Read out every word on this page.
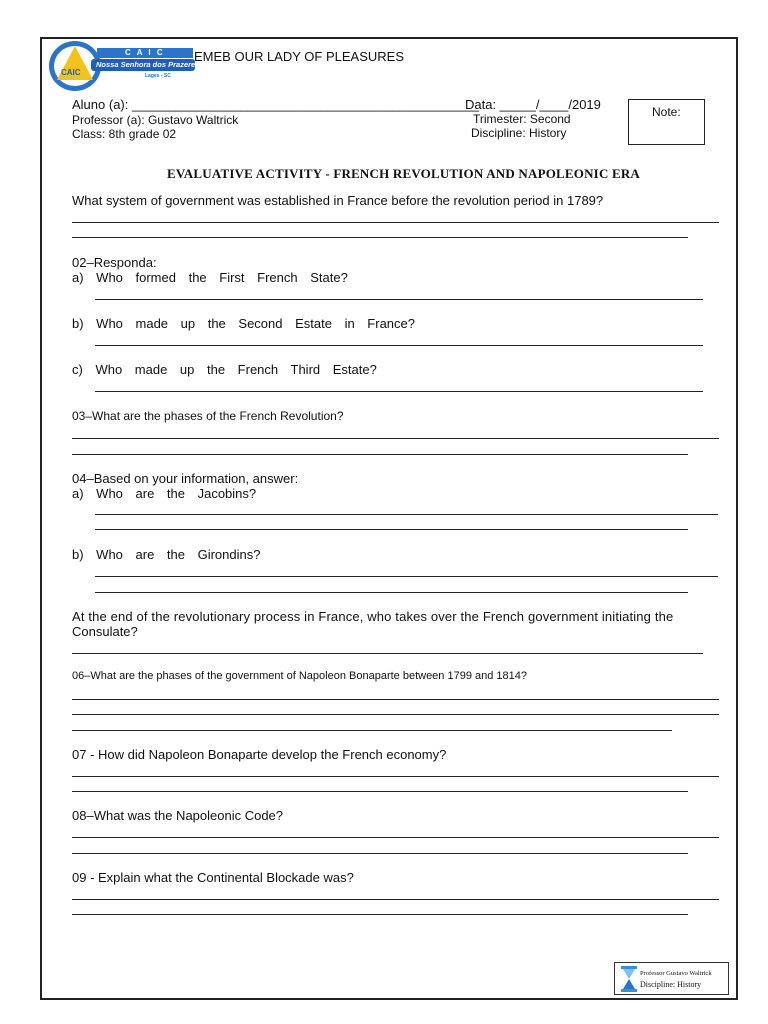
C A I C
Nossa Senhora dos Prazeres
Lages - SC
CAIC
EMEB OUR LADY OF PLEASURES
Aluno (a): ________________________________________________
Data: _____/____/2019
Professor (a): Gustavo Waltrick	Trimester: Second
Class: 8th grade 02	Discipline: History
Note:
EVALUATIVE ACTIVITY - FRENCH REVOLUTION AND NAPOLEONIC ERA
What system of government was established in France before the revolution period in 1789?
02–Responda:
a) Who formed the First French State?
b) Who made up the Second Estate in France?
c) Who made up the French Third Estate?
03–What are the phases of the French Revolution?
04–Based on your information, answer:
a) Who are the Jacobins?
b) Who are the Girondins?
At the end of the revolutionary process in France, who takes over the French government initiating the
Consulate?
06–What are the phases of the government of Napoleon Bonaparte between 1799 and 1814?
07 - How did Napoleon Bonaparte develop the French economy?
08–What was the Napoleonic Code?
09 - Explain what the Continental Blockade was?
Professor Gustavo Waltrick
Discipline: History
